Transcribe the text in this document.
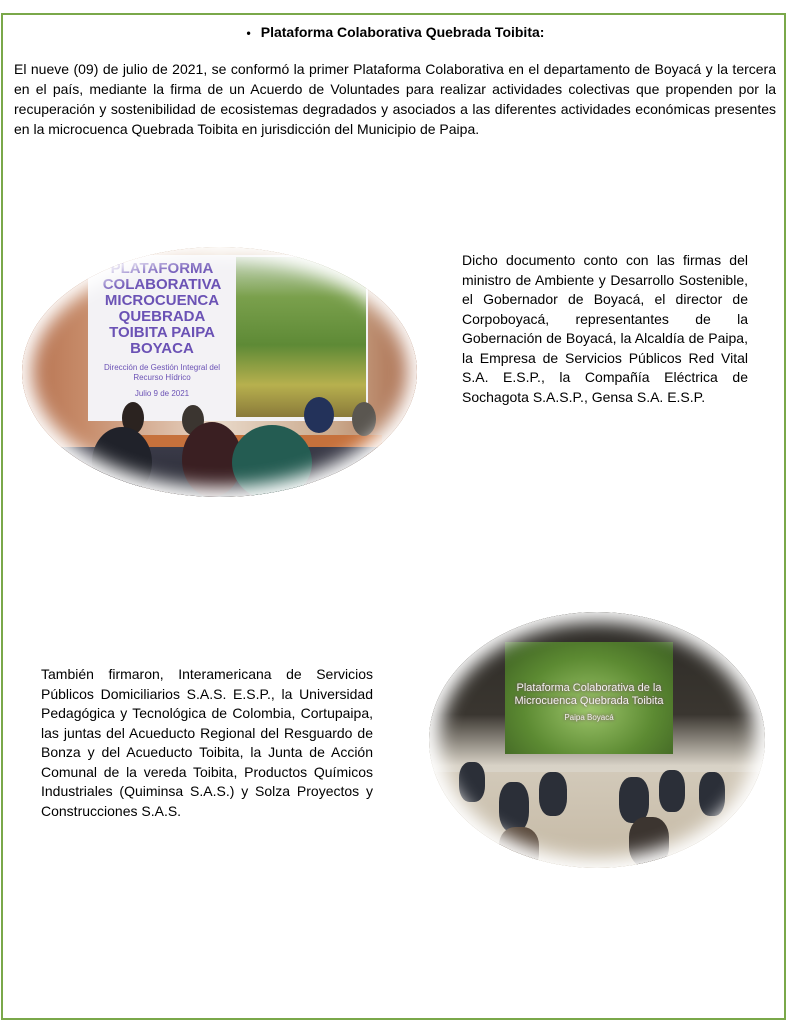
• Plataforma Colaborativa Quebrada Toibita:
El nueve (09) de julio de 2021, se conformó la primer Plataforma Colaborativa en el departamento de Boyacá y la tercera en el país, mediante la firma de un Acuerdo de Voluntades para realizar actividades colectivas que propenden por la recuperación y sostenibilidad de ecosistemas degradados y asociados a las diferentes actividades económicas presentes en la microcuenca Quebrada Toibita en jurisdicción del Municipio de Paipa.
PLATAFORMA COLABORATIVA MICROCUENCA QUEBRADA TOIBITA PAIPA BOYACA
Dirección de Gestión Integral del Recurso Hídrico
Julio 9 de 2021
Dicho documento conto con las firmas del ministro de Ambiente y Desarrollo Sostenible, el Gobernador de Boyacá, el director de Corpoboyacá, representantes de la Gobernación de Boyacá, la Alcaldía de Paipa, la Empresa de Servicios Públicos Red Vital S.A. E.S.P., la Compañía Eléctrica de Sochagota S.A.S.P., Gensa S.A. E.S.P.
También firmaron, Interamericana de Servicios Públicos Domiciliarios S.A.S. E.S.P., la Universidad Pedagógica y Tecnológica de Colombia, Cortupaipa, las juntas del Acueducto Regional del Resguardo de Bonza y del Acueducto Toibita, la Junta de Acción Comunal de la vereda Toibita, Productos Químicos Industriales (Quiminsa S.A.S.) y Solza Proyectos y Construcciones S.A.S.
Plataforma Colaborativa de la Microcuenca Quebrada Toibita
Paipa Boyacá
